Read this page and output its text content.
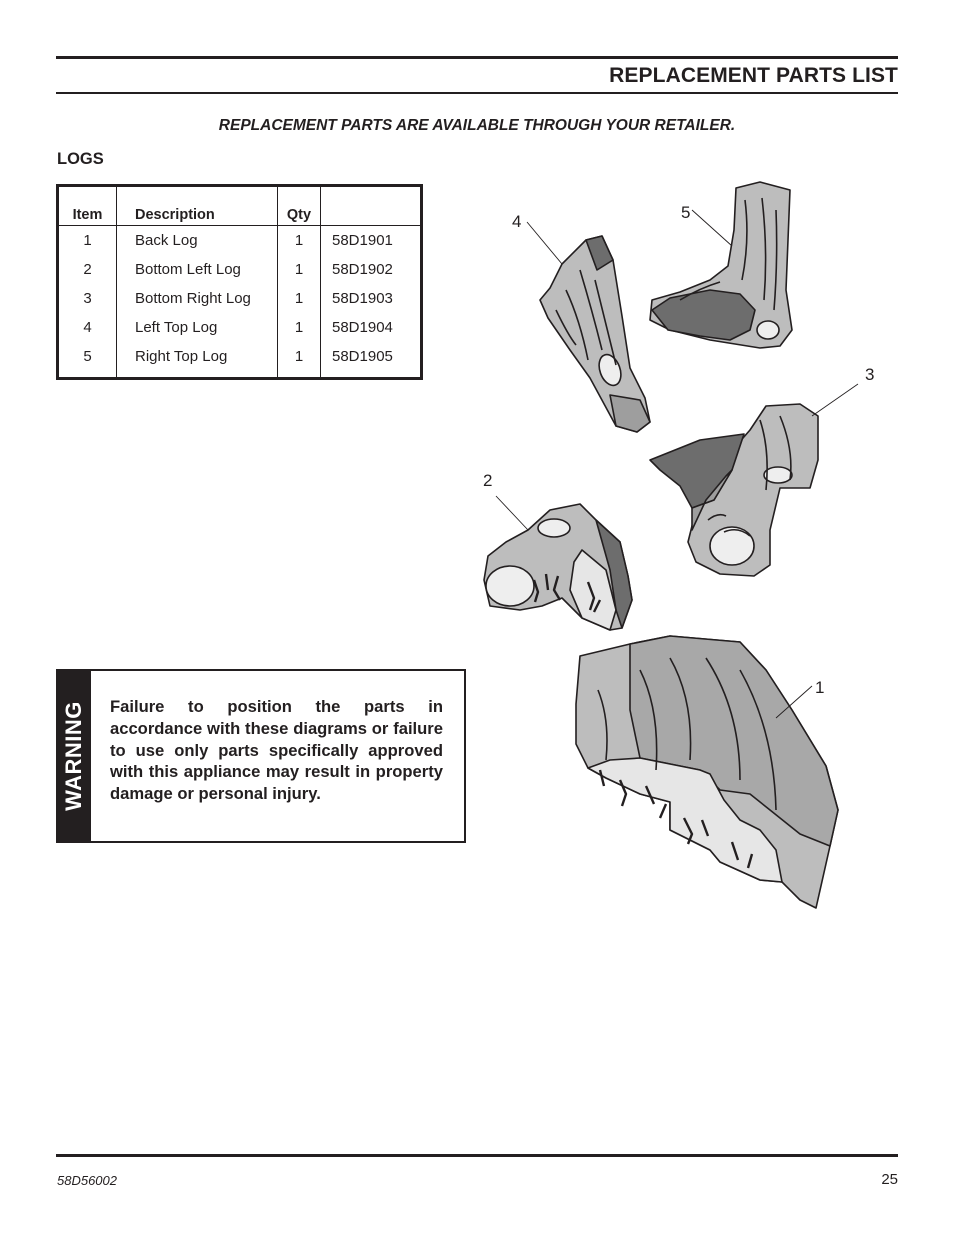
REPLACEMENT PARTS LIST
REPLACEMENT PARTS ARE AVAILABLE THROUGH YOUR RETAILER.
LOGS
Item	Description	Qty	
1	Back Log	1	58D1901
2	Bottom Left Log	1	58D1902
3	Bottom Right Log	1	58D1903
4	Left Top Log	1	58D1904
5	Right Top Log	1	58D1905
WARNING Failure to position the parts in accordance with these diagrams or failure to use only parts specifically approved with this appliance may result in property damage or personal injury.
4	5
3
2
1
58D56002	25
